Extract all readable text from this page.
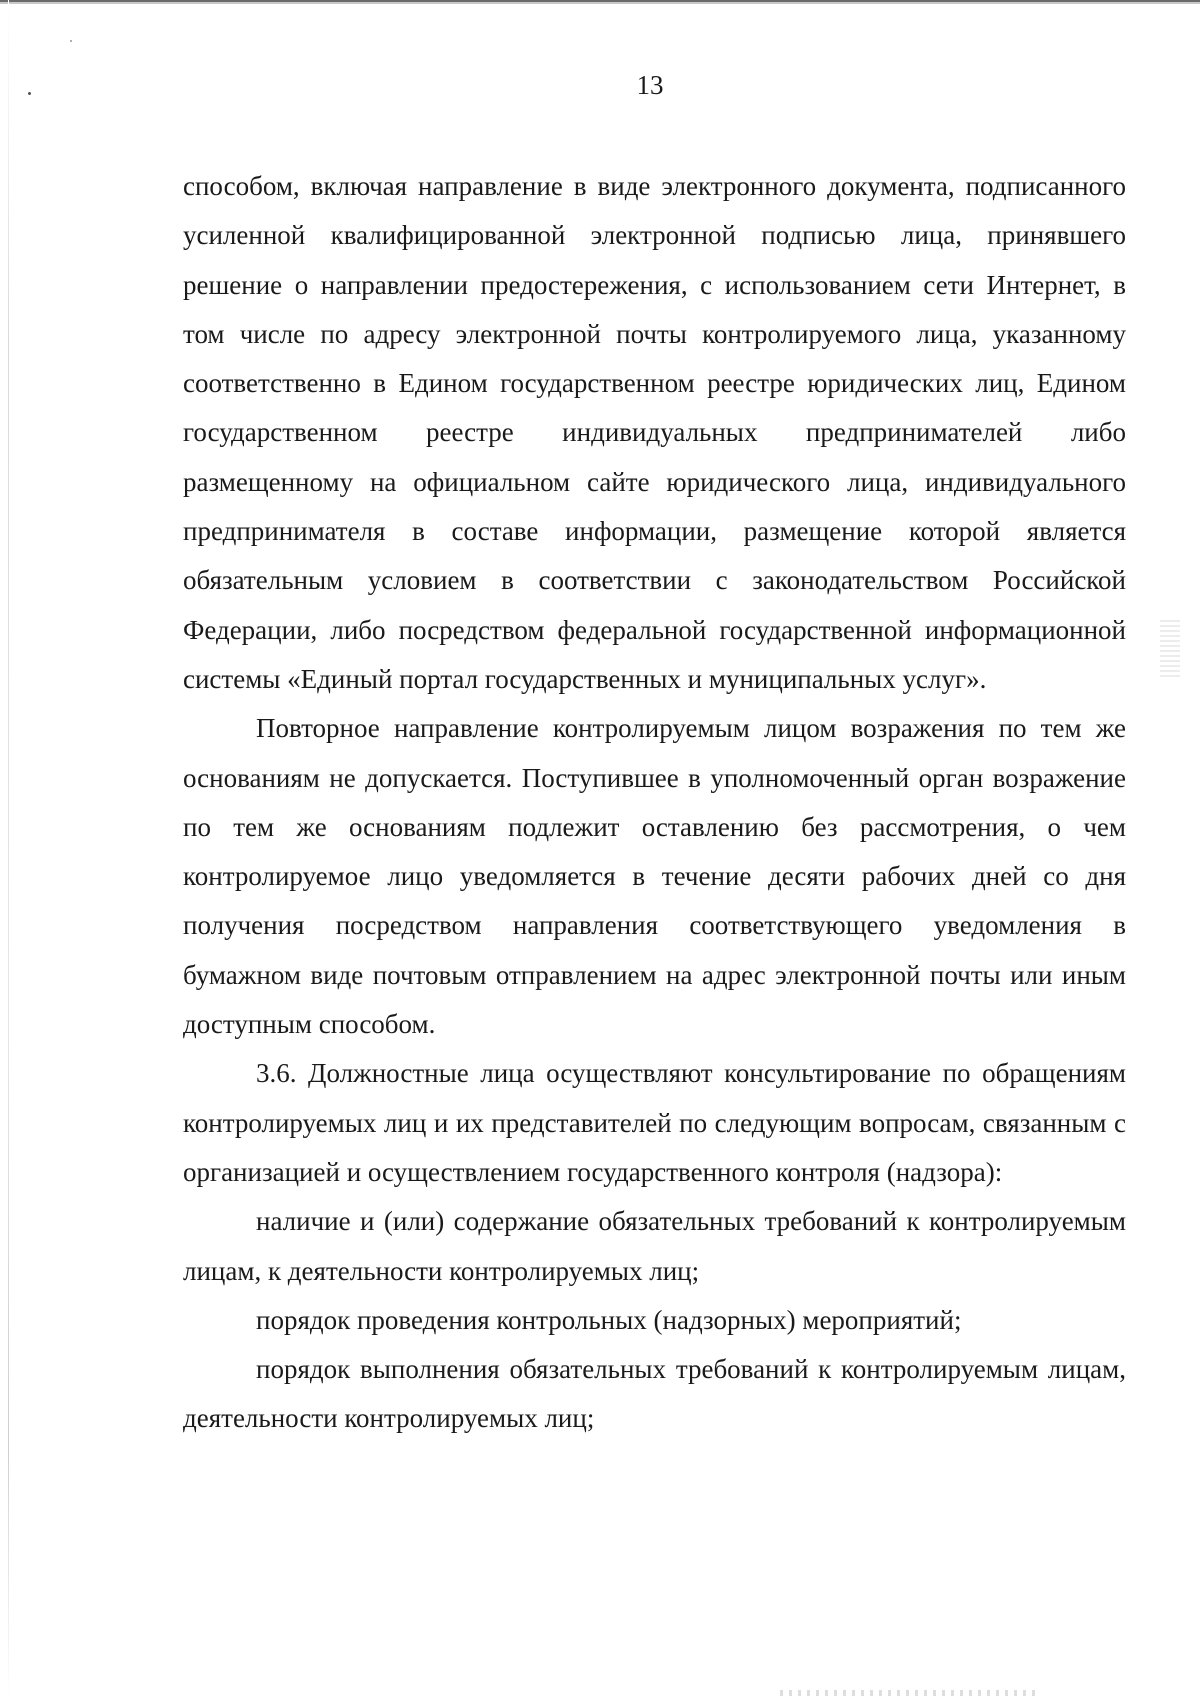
13

способом, включая направление в виде электронного документа, подписанного усиленной квалифицированной электронной подписью лица, принявшего решение о направлении предостережения, с использованием сети Интернет, в том числе по адресу электронной почты контролируемого лица, указанному соответственно в Едином государственном реестре юридических лиц, Едином государственном реестре индивидуальных предпринимателей либо размещенному на официальном сайте юридического лица, индивидуального предпринимателя в составе информации, размещение которой является обязательным условием в соответствии с законодательством Российской Федерации, либо посредством федеральной государственной информационной системы «Единый портал государственных и муниципальных услуг».

Повторное направление контролируемым лицом возражения по тем же основаниям не допускается. Поступившее в уполномоченный орган возражение по тем же основаниям подлежит оставлению без рассмотрения, о чем контролируемое лицо уведомляется в течение десяти рабочих дней со дня получения посредством направления соответствующего уведомления в бумажном виде почтовым отправлением на адрес электронной почты или иным доступным способом.

3.6. Должностные лица осуществляют консультирование по обращениям контролируемых лиц и их представителей по следующим вопросам, связанным с организацией и осуществлением государственного контроля (надзора):

наличие и (или) содержание обязательных требований к контролируемым лицам, к деятельности контролируемых лиц;

порядок проведения контрольных (надзорных) мероприятий;

порядок выполнения обязательных требований к контролируемым лицам, деятельности контролируемых лиц;
